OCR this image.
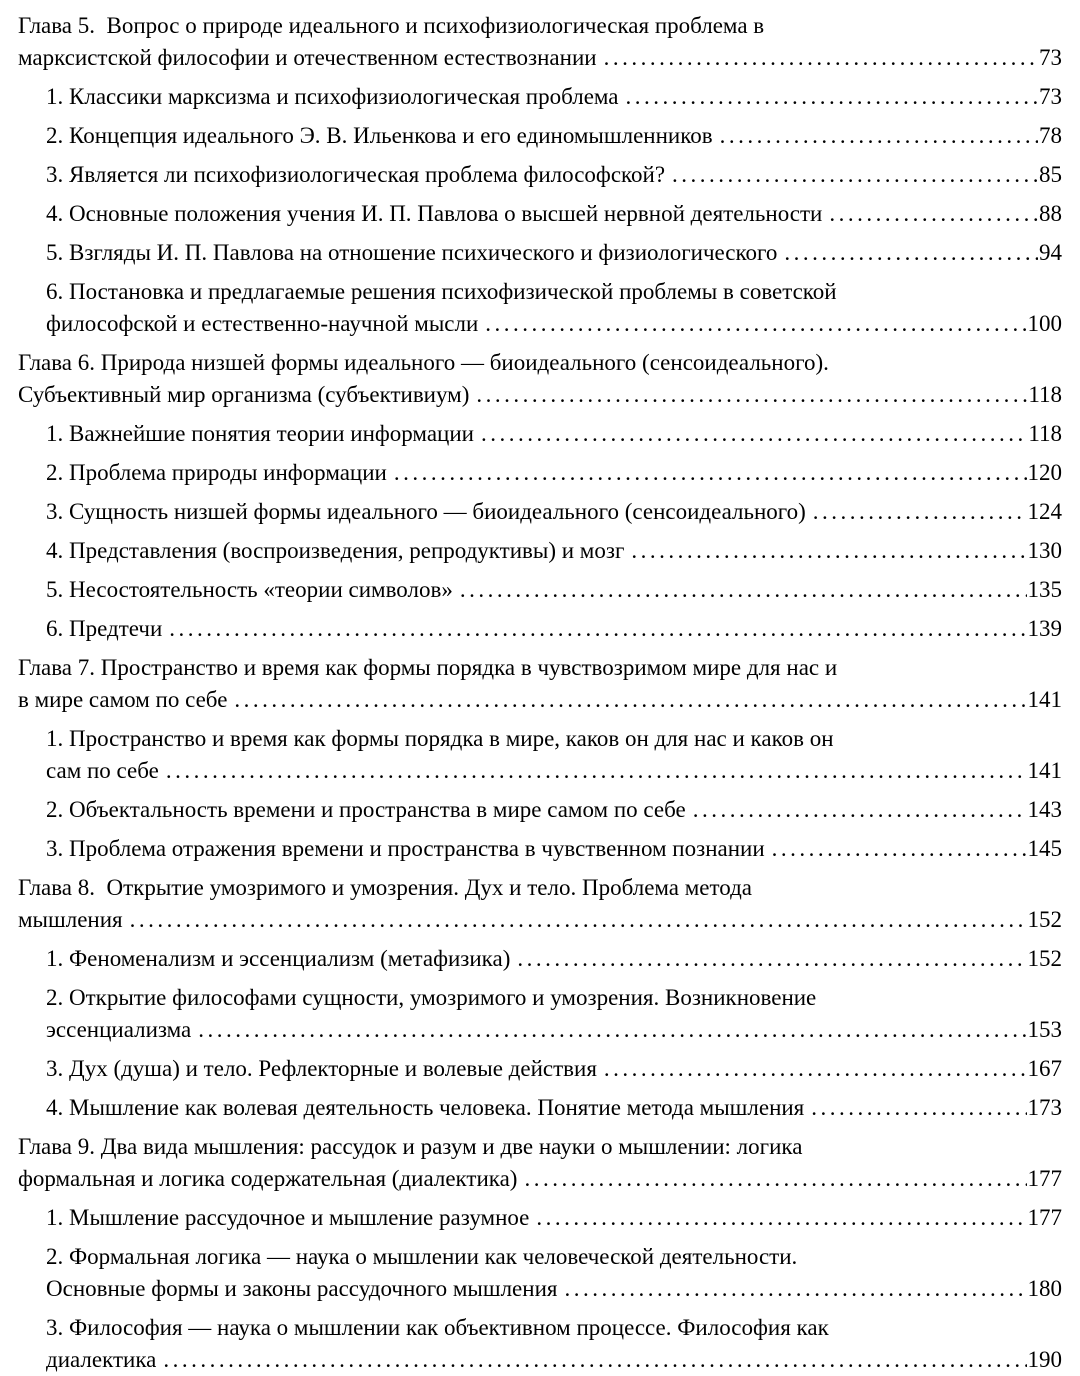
Глава 5.  Вопрос о природе идеального и психофизиологическая проблема в
марксистской философии и отечественном естествознании .....	73
1. Классики марксизма и психофизиологическая проблема .....	73
2. Концепция идеального Э. В. Ильенкова и его единомышленников .....	78
3. Является ли психофизиологическая проблема философской? .....	85
4. Основные положения учения И. П. Павлова о высшей нервной деятельности .....	88
5. Взгляды И. П. Павлова на отношение психического и физиологического .....	94
6. Постановка и предлагаемые решения психофизической проблемы в советской
философской и естественно-научной мысли .....	100
Глава 6. Природа низшей формы идеального — биоидеального (сенсоидеального).
Субъективный мир организма (субъективиум) .....	118
1. Важнейшие понятия теории информации .....	118
2. Проблема природы информации .....	120
3. Сущность низшей формы идеального — биоидеального (сенсоидеального) .....	124
4. Представления (воспроизведения, репродуктивы) и мозг .....	130
5. Несостоятельность «теории символов» .....	135
6. Предтечи .....	139
Глава 7. Пространство и время как формы порядка в чувствозримом мире для нас и
в мире самом по себе .....	141
1. Пространство и время как формы порядка в мире, каков он для нас и каков он
сам по себе .....	141
2. Объектальность времени и пространства в мире самом по себе .....	143
3. Проблема отражения времени и пространства в чувственном познании .....	145
Глава 8.  Открытие умозримого и умозрения. Дух и тело. Проблема метода
мышления .....	152
1. Феноменализм и эссенциализм (метафизика) .....	152
2. Открытие философами сущности, умозримого и умозрения. Возникновение
эссенциализма .....	153
3. Дух (душа) и тело. Рефлекторные и волевые действия .....	167
4. Мышление как волевая деятельность человека. Понятие метода мышления .....	173
Глава 9. Два вида мышления: рассудок и разум и две науки о мышлении: логика
формальная и логика содержательная (диалектика) .....	177
1. Мышление рассудочное и мышление разумное .....	177
2. Формальная логика — наука о мышлении как человеческой деятельности.
Основные формы и законы рассудочного мышления .....	180
3. Философия — наука о мышлении как объективном процессе. Философия как
диалектика .....	190
